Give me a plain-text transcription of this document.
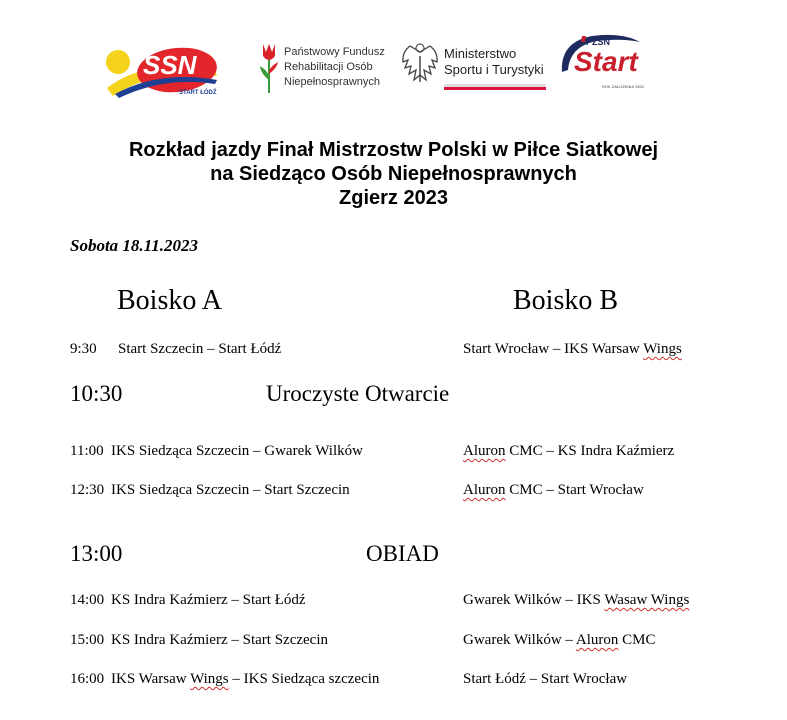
SSN
START ŁÓDŹ
Państwowy Fundusz
Rehabilitacji Osób
Niepełnosprawnych
Ministerstwo
Sportu i Turystyki
PZSN
Start
ROK ZAŁOŻENIA 1952
Rozkład jazdy Finał Mistrzostw Polski w Piłce Siatkowej
na Siedząco Osób Niepełnosprawnych
Zgierz 2023
Sobota 18.11.2023
Boisko A	Boisko B
9:30 Start Szczecin – Start Łódź	Start Wrocław – IKS Warsaw Wings
10:30	Uroczyste Otwarcie
11:00 IKS Siedząca Szczecin – Gwarek Wilków	Aluron CMC – KS Indra Kaźmierz
12:30 IKS Siedząca Szczecin – Start Szczecin	Aluron CMC – Start Wrocław
13:00	OBIAD
14:00 KS Indra Kaźmierz – Start Łódź	Gwarek Wilków – IKS Wasaw Wings
15:00 KS Indra Kaźmierz – Start Szczecin	Gwarek Wilków – Aluron CMC
16:00 IKS Warsaw Wings – IKS Siedząca szczecin	Start Łódź – Start Wrocław
